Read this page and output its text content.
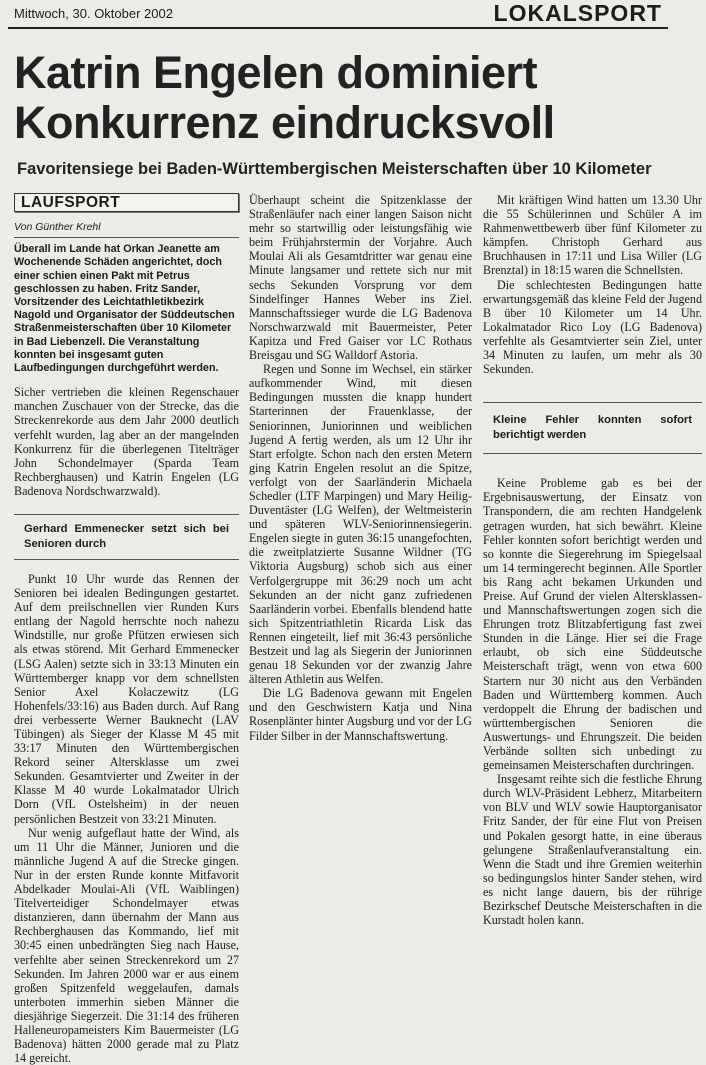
Mittwoch, 30. Oktober 2002	LOKALSPORT
Katrin Engelen dominiert
Konkurrenz eindrucksvoll
Favoritensiege bei Baden-Württembergischen Meisterschaften über 10 Kilometer
LAUFSPORT
Von Günther Krehl
Überall im Lande hat Orkan Jeanette am Wochenende Schäden angerichtet, doch einer schien einen Pakt mit Petrus geschlossen zu haben. Fritz Sander, Vorsitzender des Leichtathletikbezirk Nagold und Organisator der Süddeutschen Straßenmeisterschaften über 10 Kilometer in Bad Liebenzell. Die Veranstaltung konnten bei insgesamt guten Laufbedingungen durchgeführt werden.

Sicher vertrieben die kleinen Regenschauer manchen Zuschauer von der Strecke, das die Streckenrekorde aus dem Jahr 2000 deutlich verfehlt wurden, lag aber an der mangelnden Konkurrenz für die überlegenen Titelträger John Schondelmayer (Sparda Team Rechberghausen) und Katrin Engelen (LG Badenova Nordschwarzwald).

Gerhard Emmenecker setzt sich bei Senioren durch

Punkt 10 Uhr wurde das Rennen der Senioren bei idealen Bedingungen gestartet. Auf dem preilschnellen vier Runden Kurs entlang der Nagold herrschte noch nahezu Windstille, nur große Pfützen erwiesen sich als etwas störend. Mit Gerhard Emmenecker (LSG Aalen) setzte sich in 33:13 Minuten ein Württemberger knapp vor dem schnellsten Senior Axel Kolaczewitz (LG Hohenfels/33:16) aus Baden durch. Auf Rang drei verbesserte Werner Bauknecht (LAV Tübingen) als Sieger der Klasse M 45 mit 33:17 Minuten den Württembergischen Rekord seiner Altersklasse um zwei Sekunden. Gesamtvierter und Zweiter in der Klasse M 40 wurde Lokalmatador Ulrich Dorn (VfL Ostelsheim) in der neuen persönlichen Bestzeit von 33:21 Minuten.

Nur wenig aufgeflaut hatte der Wind, als um 11 Uhr die Männer, Junioren und die männliche Jugend A auf die Strecke gingen. Nur in der ersten Runde konnte Mitfavorit Abdelkader Moulai-Ali (VfL Waiblingen) Titelverteidiger Schondelmayer etwas distanzieren, dann übernahm der Mann aus Rechberghausen das Kommando, lief mit 30:45 einen unbedrängten Sieg nach Hause, verfehlte aber seinen Streckenrekord um 27 Sekunden. Im Jahren 2000 war er aus einem großen Spitzenfeld weggelaufen, damals unterboten immerhin sieben Männer die diesjährige Siegerzeit. Die 31:14 des früheren Halleneuropameisters Kim Bauermeister (LG Badenova) hätten 2000 gerade mal zu Platz 14 gereicht.

Überhaupt scheint die Spitzenklasse der Straßenläufer nach einer langen Saison nicht mehr so startwillig oder leistungsfähig wie beim Frühjahrstermin der Vorjahre. Auch Moulai Ali als Gesamtdritter war genau eine Minute langsamer und rettete sich nur mit sechs Sekunden Vorsprung vor dem Sindelfinger Hannes Weber ins Ziel. Mannschaftssieger wurde die LG Badenova Norschwarzwald mit Bauermeister, Peter Kapitza und Fred Gaiser vor LC Rothaus Breisgau und SG Walldorf Astoria.

Regen und Sonne im Wechsel, ein stärker aufkommender Wind, mit diesen Bedingungen mussten die knapp hundert Starterinnen der Frauenklasse, der Seniorinnen, Juniorinnen und weiblichen Jugend A fertig werden, als um 12 Uhr ihr Start erfolgte. Schon nach den ersten Metern ging Katrin Engelen resolut an die Spitze, verfolgt von der Saarländerin Michaela Schedler (LTF Marpingen) und Mary Heilig-Duventäster (LG Welfen), der Weltmeisterin und späteren WLV-Seniorinnensiegerin. Engelen siegte in guten 36:15 unangefochten, die zweitplatzierte Susanne Wildner (TG Viktoria Augsburg) schob sich aus einer Verfolgergruppe mit 36:29 noch um acht Sekunden an der nicht ganz zufriedenen Saarländerin vorbei. Ebenfalls blendend hatte sich Spitzentriathletin Ricarda Lisk das Rennen eingeteilt, lief mit 36:43 persönliche Bestzeit und lag als Siegerin der Juniorinnen genau 18 Sekunden vor der zwanzig Jahre älteren Athletin aus Welfen.

Die LG Badenova gewann mit Engelen und den Geschwistern Katja und Nina Rosenplänter hinter Augsburg und vor der LG Filder Silber in der Mannschaftswertung.

Mit kräftigen Wind hatten um 13.30 Uhr die 55 Schülerinnen und Schüler A im Rahmenwettbewerb über fünf Kilometer zu kämpfen. Christoph Gerhard aus Bruchhausen in 17:11 und Lisa Willer (LG Brenztal) in 18:15 waren die Schnellsten.

Die schlechtesten Bedingungen hatte erwartungsgemäß das kleine Feld der Jugend B über 10 Kilometer um 14 Uhr. Lokalmatador Rico Loy (LG Badenova) verfehlte als Gesamtvierter sein Ziel, unter 34 Minuten zu laufen, um mehr als 30 Sekunden.

Kleine Fehler konnten sofort berichtigt werden

Keine Probleme gab es bei der Ergebnisauswertung, der Einsatz von Transpondern, die am rechten Handgelenk getragen wurden, hat sich bewährt. Kleine Fehler konnten sofort berichtigt werden und so konnte die Siegerehrung im Spiegelsaal um 14 termingerecht beginnen. Alle Sportler bis Rang acht bekamen Urkunden und Preise. Auf Grund der vielen Altersklassen- und Mannschaftswertungen zogen sich die Ehrungen trotz Blitzabfertigung fast zwei Stunden in die Länge. Hier sei die Frage erlaubt, ob sich eine Süddeutsche Meisterschaft trägt, wenn von etwa 600 Startern nur 30 nicht aus den Verbänden Baden und Württemberg kommen. Auch verdoppelt die Ehrung der badischen und württembergischen Senioren die Auswertungs- und Ehrungszeit. Die beiden Verbände sollten sich unbedingt zu gemeinsamen Meisterschaften durchringen.

Insgesamt reihte sich die festliche Ehrung durch WLV-Präsident Lebherz, Mitarbeitern von BLV und WLV sowie Hauptorganisator Fritz Sander, der für eine Flut von Preisen und Pokalen gesorgt hatte, in eine überaus gelungene Straßenlaufveranstaltung ein. Wenn die Stadt und ihre Gremien weiterhin so bedingungslos hinter Sander stehen, wird es nicht lange dauern, bis der rührige Bezirkschef Deutsche Meisterschaften in die Kurstadt holen kann.
